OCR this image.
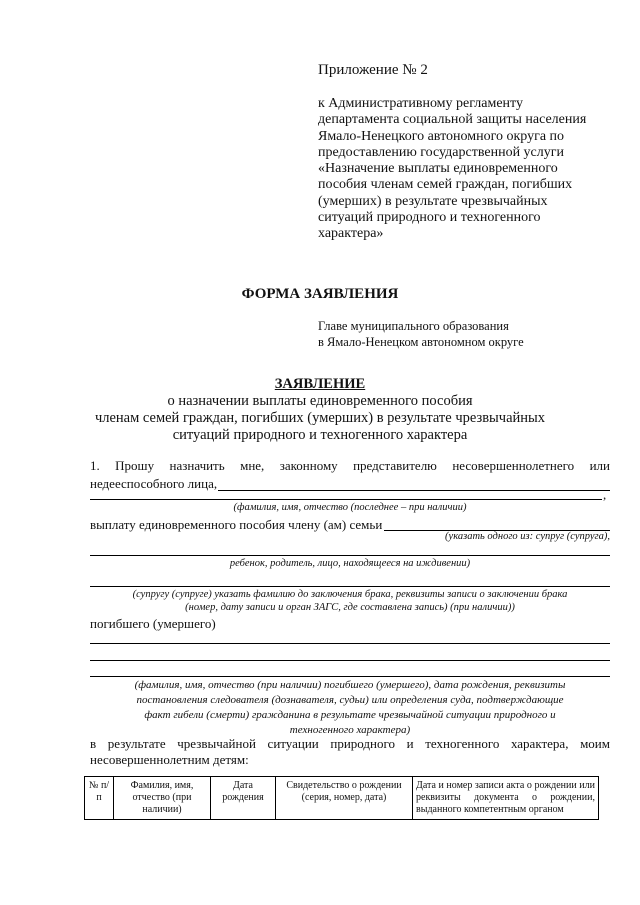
Приложение № 2
к Административному регламенту
департамента социальной защиты населения
Ямало-Ненецкого автономного округа по
предоставлению государственной услуги
«Назначение выплаты единовременного
пособия членам семей граждан, погибших
(умерших) в результате чрезвычайных
ситуаций природного и техногенного
характера»
ФОРМА ЗАЯВЛЕНИЯ
Главе муниципального образования
в Ямало-Ненецком автономном округе
ЗАЯВЛЕНИЕ
о назначении выплаты единовременного пособия
членам семей граждан, погибших (умерших) в результате чрезвычайных
ситуаций природного и техногенного характера
1. Прошу назначить мне, законному представителю несовершеннолетнего или
недееспособного лица,
,
(фамилия, имя, отчество (последнее – при наличии)
выплату единовременного пособия члену (ам) семьи
(указать одного из: супруг (супруга),
ребенок, родитель, лицо, находящееся на иждивении)
(супругу (супруге) указать фамилию до заключения брака, реквизиты записи о заключении брака
(номер, дату записи и орган ЗАГС, где составлена запись) (при наличии))
погибшего (умершего)
(фамилия, имя, отчество (при наличии) погибшего (умершего), дата рождения, реквизиты
постановления следователя (дознавателя, судьи) или определения суда, подтверждающие
факт гибели (смерти) гражданина в результате чрезвычайной ситуации природного и
техногенного характера)
в результате чрезвычайной ситуации природного и техногенного характера, моим
несовершеннолетним детям:
№ п/п	Фамилия, имя, отчество (при наличии)	Дата рождения	Свидетельство о рождении (серия, номер, дата)	Дата и номер записи акта о рождении или реквизиты документа о рождении, выданного компетентным органом
